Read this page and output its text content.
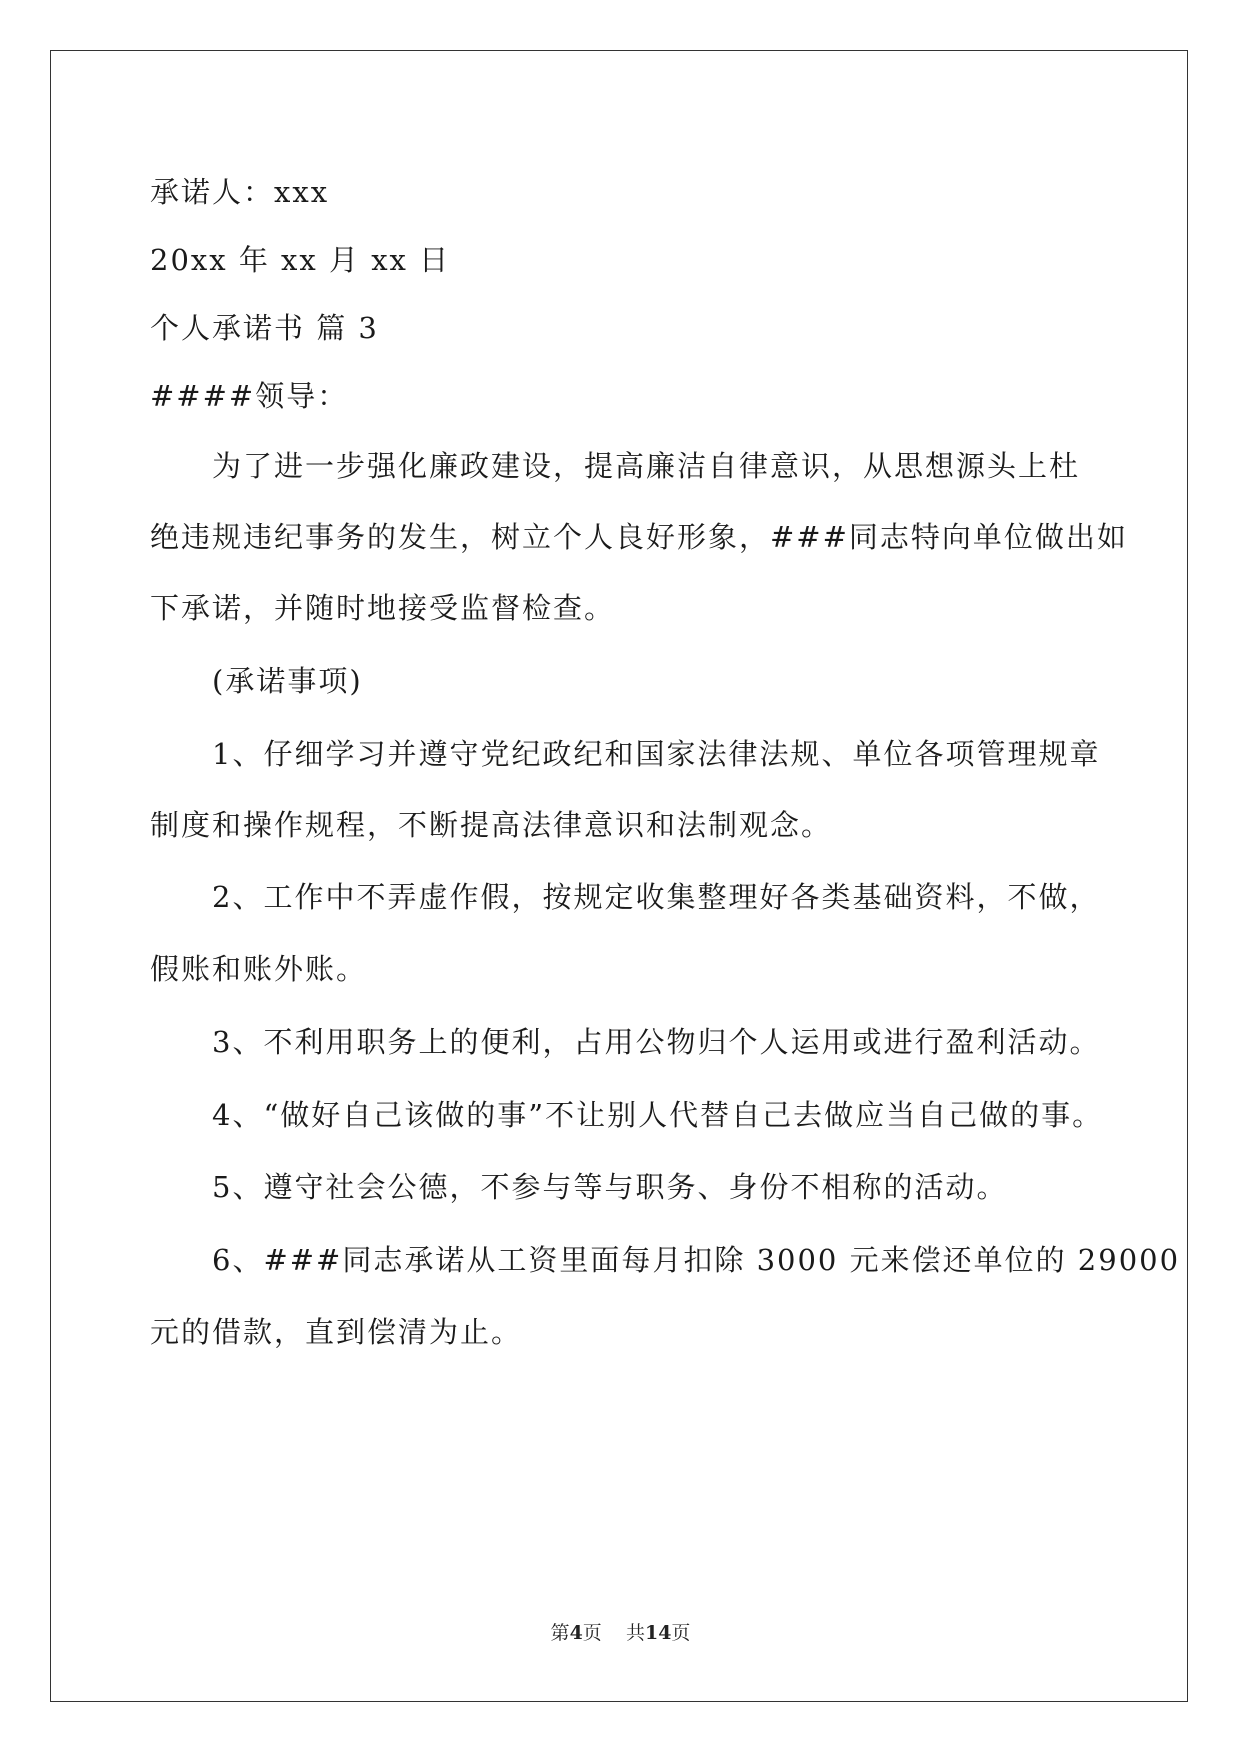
承诺人：xxx
20xx 年 xx 月 xx 日
个人承诺书 篇 3
####领导：
为了进一步强化廉政建设，提高廉洁自律意识，从思想源头上杜
绝违规违纪事务的发生，树立个人良好形象，###同志特向单位做出如
下承诺，并随时地接受监督检查。
(承诺事项)
1、仔细学习并遵守党纪政纪和国家法律法规、单位各项管理规章
制度和操作规程，不断提高法律意识和法制观念。
2、工作中不弄虚作假，按规定收集整理好各类基础资料，不做，
假账和账外账。
3、不利用职务上的便利，占用公物归个人运用或进行盈利活动。
4、“做好自己该做的事”不让别人代替自己去做应当自己做的事。
5、遵守社会公德，不参与等与职务、身份不相称的活动。
6、###同志承诺从工资里面每月扣除 3000 元来偿还单位的 29000
元的借款，直到偿清为止。
第4页    共14页
